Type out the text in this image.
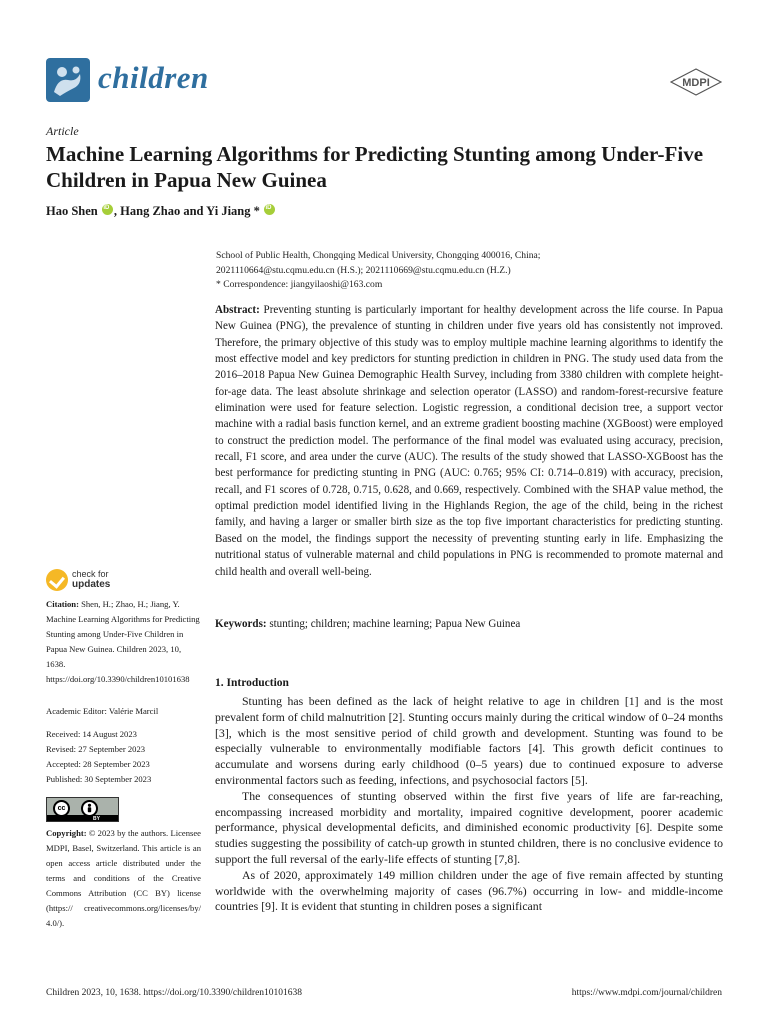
children	MDPI
Article
Machine Learning Algorithms for Predicting Stunting among Under-Five Children in Papua New Guinea
Hao Shen iD , Hang Zhao and Yi Jiang * iD
School of Public Health, Chongqing Medical University, Chongqing 400016, China;
2021110664@stu.cqmu.edu.cn (H.S.); 2021110669@stu.cqmu.edu.cn (H.Z.)
* Correspondence: jiangyilaoshi@163.com
Abstract: Preventing stunting is particularly important for healthy development across the life course. In Papua New Guinea (PNG), the prevalence of stunting in children under five years old has consistently not improved. Therefore, the primary objective of this study was to employ multiple machine learning algorithms to identify the most effective model and key predictors for stunting prediction in children in PNG. The study used data from the 2016–2018 Papua New Guinea Demographic Health Survey, including from 3380 children with complete height-for-age data. The least absolute shrinkage and selection operator (LASSO) and random-forest-recursive feature elimination were used for feature selection. Logistic regression, a conditional decision tree, a support vector machine with a radial basis function kernel, and an extreme gradient boosting machine (XGBoost) were employed to construct the prediction model. The performance of the final model was evaluated using accuracy, precision, recall, F1 score, and area under the curve (AUC). The results of the study showed that LASSO-XGBoost has the best performance for predicting stunting in PNG (AUC: 0.765; 95% CI: 0.714–0.819) with accuracy, precision, recall, and F1 scores of 0.728, 0.715, 0.628, and 0.669, respectively. Combined with the SHAP value method, the optimal prediction model identified living in the Highlands Region, the age of the child, being in the richest family, and having a larger or smaller birth size as the top five important characteristics for predicting stunting. Based on the model, the findings support the necessity of preventing stunting early in life. Emphasizing the nutritional status of vulnerable maternal and child populations in PNG is recommended to promote maternal and child health and overall well-being.
Keywords: stunting; children; machine learning; Papua New Guinea
check for
updates
Citation: Shen, H.; Zhao, H.; Jiang, Y. Machine Learning Algorithms for Predicting Stunting among Under-Five Children in Papua New Guinea. Children 2023, 10, 1638. https://doi.org/10.3390/children10101638
Academic Editor: Valérie Marcil
Received: 14 August 2023
Revised: 27 September 2023
Accepted: 28 September 2023
Published: 30 September 2023
cc
BY
Copyright: © 2023 by the authors. Licensee MDPI, Basel, Switzerland. This article is an open access article distributed under the terms and conditions of the Creative Commons Attribution (CC BY) license (https:// creativecommons.org/licenses/by/ 4.0/).
1. Introduction

Stunting has been defined as the lack of height relative to age in children [1] and is the most prevalent form of child malnutrition [2]. Stunting occurs mainly during the critical window of 0–24 months [3], which is the most sensitive period of child growth and development. Stunting was found to be especially vulnerable to environmentally modifiable factors [4]. This growth deficit continues to accumulate and worsens during early childhood (0–5 years) due to continued exposure to adverse environmental factors such as feeding, infections, and psychosocial factors [5].

The consequences of stunting observed within the first five years of life are far-reaching, encompassing increased morbidity and mortality, impaired cognitive development, poorer academic performance, physical developmental deficits, and diminished economic productivity [6]. Despite some studies suggesting the possibility of catch-up growth in stunted children, there is no conclusive evidence to support the full reversal of the early-life effects of stunting [7,8].

As of 2020, approximately 149 million children under the age of five remain affected by stunting worldwide with the overwhelming majority of cases (96.7%) occurring in low- and middle-income countries [9]. It is evident that stunting in children poses a significant

Children 2023, 10, 1638. https://doi.org/10.3390/children10101638	https://www.mdpi.com/journal/children
